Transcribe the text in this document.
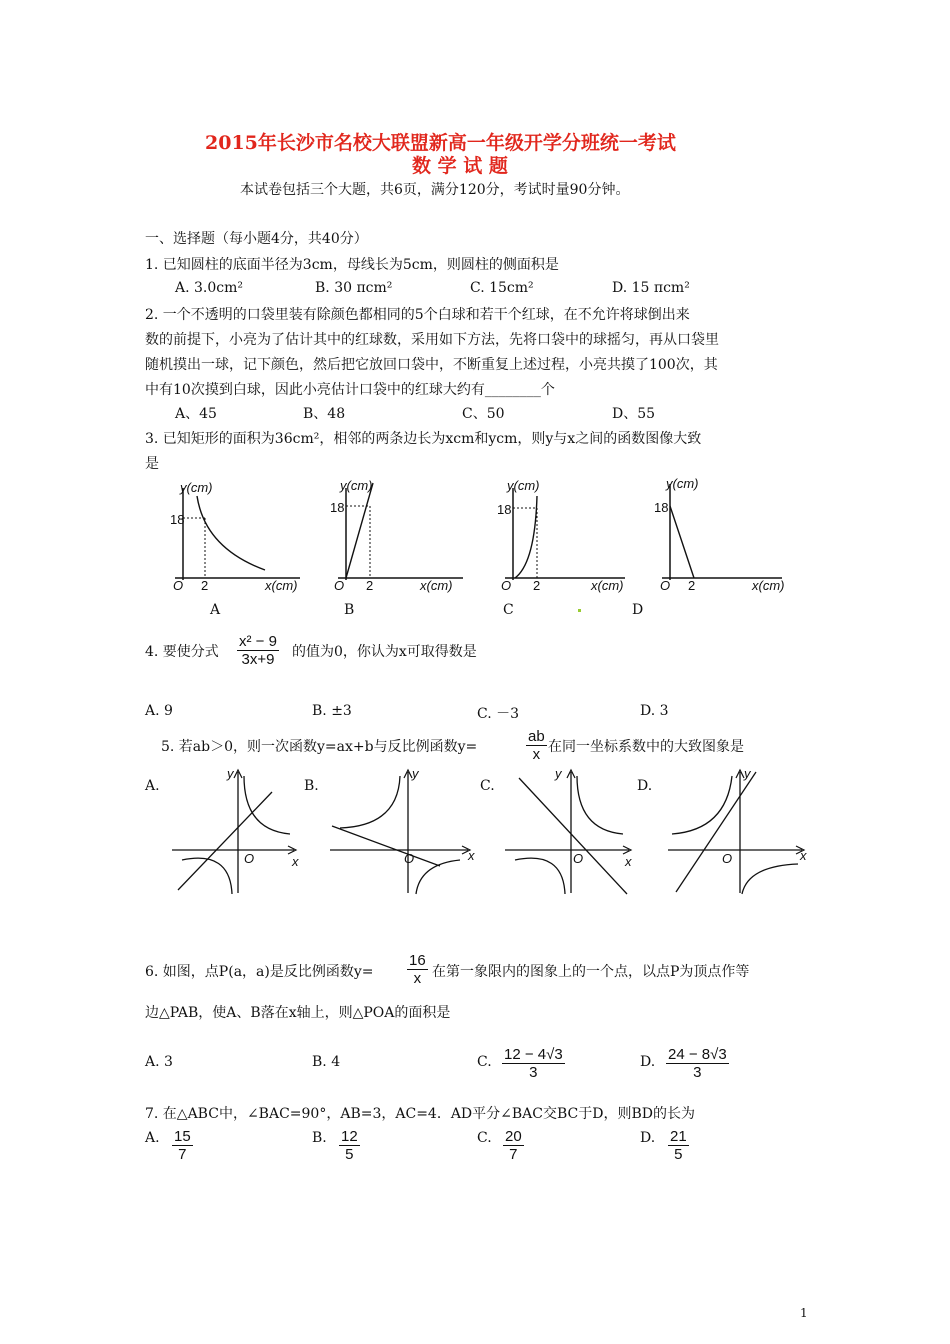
2015年长沙市名校大联盟新高一年级开学分班统一考试
数 学 试 题
本试卷包括三个大题，共6页，满分120分，考试时量90分钟。
一、选择题（每小题4分，共40分）
1. 已知圆柱的底面半径为3cm，母线长为5cm，则圆柱的侧面积是
A. 3.0cm²	B. 30 πcm²	C. 15cm²	D. 15 πcm²
2. 一个不透明的口袋里装有除颜色都相同的5个白球和若干个红球，在不允许将球倒出来
数的前提下，小亮为了估计其中的红球数，采用如下方法，先将口袋中的球摇匀，再从口袋里
随机摸出一球，记下颜色，然后把它放回口袋中，不断重复上述过程，小亮共摸了100次，其
中有10次摸到白球，因此小亮估计口袋中的红球大约有________个
A、45	B、48	C、50	D、55
3. 已知矩形的面积为36cm²，相邻的两条边长为xcm和ycm，则y与x之间的函数图像大致
是
y(cm)
18
O 2	x(cm)
A
y(cm)
18
O 2	x(cm)
B
y(cm)
18
O 2	x(cm)
C
y(cm)
18
O 2	x(cm)
D
4. 要使分式 $\frac{\text{x² − 9}}{3x+9}$ 的值为0，你认为x可取得数是
A. 9	B. ±3	C. －3	D. 3
5. 若ab＞0，则一次函数y=ax+b与反比例函数y=	$\frac{ab}{x}$ 在同一坐标系数中的大致图象是
A.	B.	C.	D.
y
O	x
y
O	x
y
O	x
y
O	x
6. 如图，点P(a，a)是反比例函数$y= \frac{16}{x}$ 在第一象限内的图象上的一个点，以点P为顶点作等
边△PAB，使A、B落在x轴上，则△POA的面积是
A. 3	B. 4	C. $\frac{12 - 4√3}{3}$	D. $\frac{24 - 8√3}{3}$
7. 在△ABC中，∠BAC=90°，AB=3，AC=4．AD平分∠BAC交BC于D，则BD的长为
A. $\frac{15}{7}$	B. $\frac{12}{5}$	C. $\frac{20}{7}$	D. $\frac{21}{5}$
1
